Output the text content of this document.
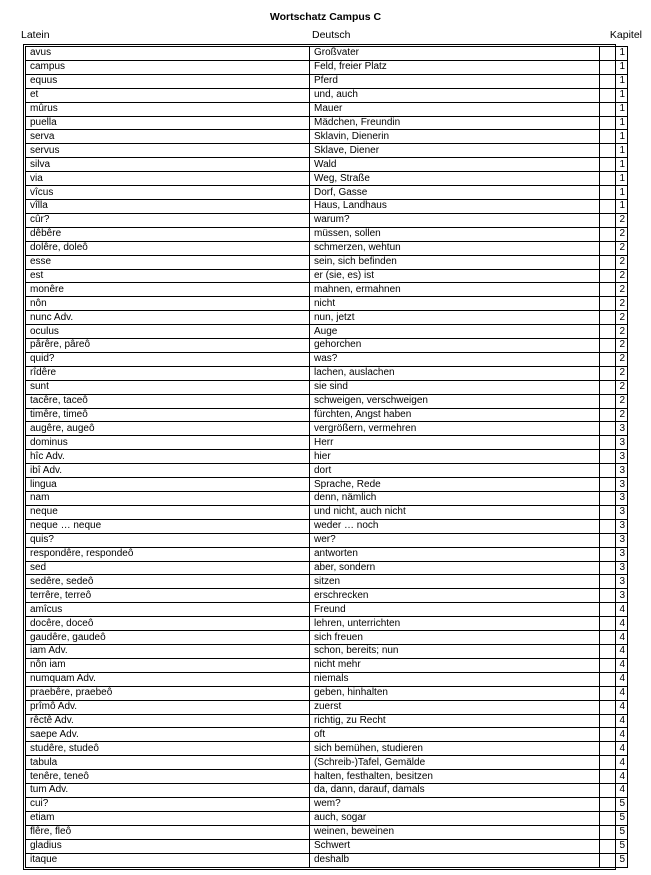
Wortschatz Campus C
Latein	Deutsch	Kapitel
avus	Großvater	1
campus	Feld, freier Platz	1
equus	Pferd	1
et	und, auch	1
mûrus	Mauer	1
puella	Mädchen, Freundin	1
serva	Sklavin, Dienerin	1
servus	Sklave, Diener	1
silva	Wald	1
via	Weg, Straße	1
vîcus	Dorf, Gasse	1
vîlla	Haus, Landhaus	1
cûr?	warum?	2
dêbêre	müssen, sollen	2
dolêre, doleô	schmerzen, wehtun	2
esse	sein, sich befinden	2
est	er (sie, es) ist	2
monêre	mahnen, ermahnen	2
nôn	nicht	2
nunc Adv.	nun, jetzt	2
oculus	Auge	2
pârêre, pâreô	gehorchen	2
quid?	was?	2
rîdêre	lachen, auslachen	2
sunt	sie sind	2
tacêre, taceô	schweigen, verschweigen	2
timêre, timeô	fürchten, Angst haben	2
augêre, augeô	vergrößern, vermehren	3
dominus	Herr	3
hîc Adv.	hier	3
ibî Adv.	dort	3
lingua	Sprache, Rede	3
nam	denn, nämlich	3
neque	und nicht, auch nicht	3
neque … neque	weder … noch	3
quis?	wer?	3
respondêre, respondeô	antworten	3
sed	aber, sondern	3
sedêre, sedeô	sitzen	3
terrêre, terreô	erschrecken	3
amîcus	Freund	4
docêre, doceô	lehren, unterrichten	4
gaudêre, gaudeô	sich freuen	4
iam Adv.	schon, bereits; nun	4
nôn iam	nicht mehr	4
numquam Adv.	niemals	4
praebêre, praebeô	geben, hinhalten	4
prîmô Adv.	zuerst	4
rêctê Adv.	richtig, zu Recht	4
saepe Adv.	oft	4
studêre, studeô	sich bemühen, studieren	4
tabula	(Schreib-)Tafel, Gemälde	4
tenêre, teneô	halten, festhalten, besitzen	4
tum Adv.	da, dann, darauf, damals	4
cui?	wem?	5
etiam	auch, sogar	5
flêre, fleô	weinen, beweinen	5
gladius	Schwert	5
itaque	deshalb	5
